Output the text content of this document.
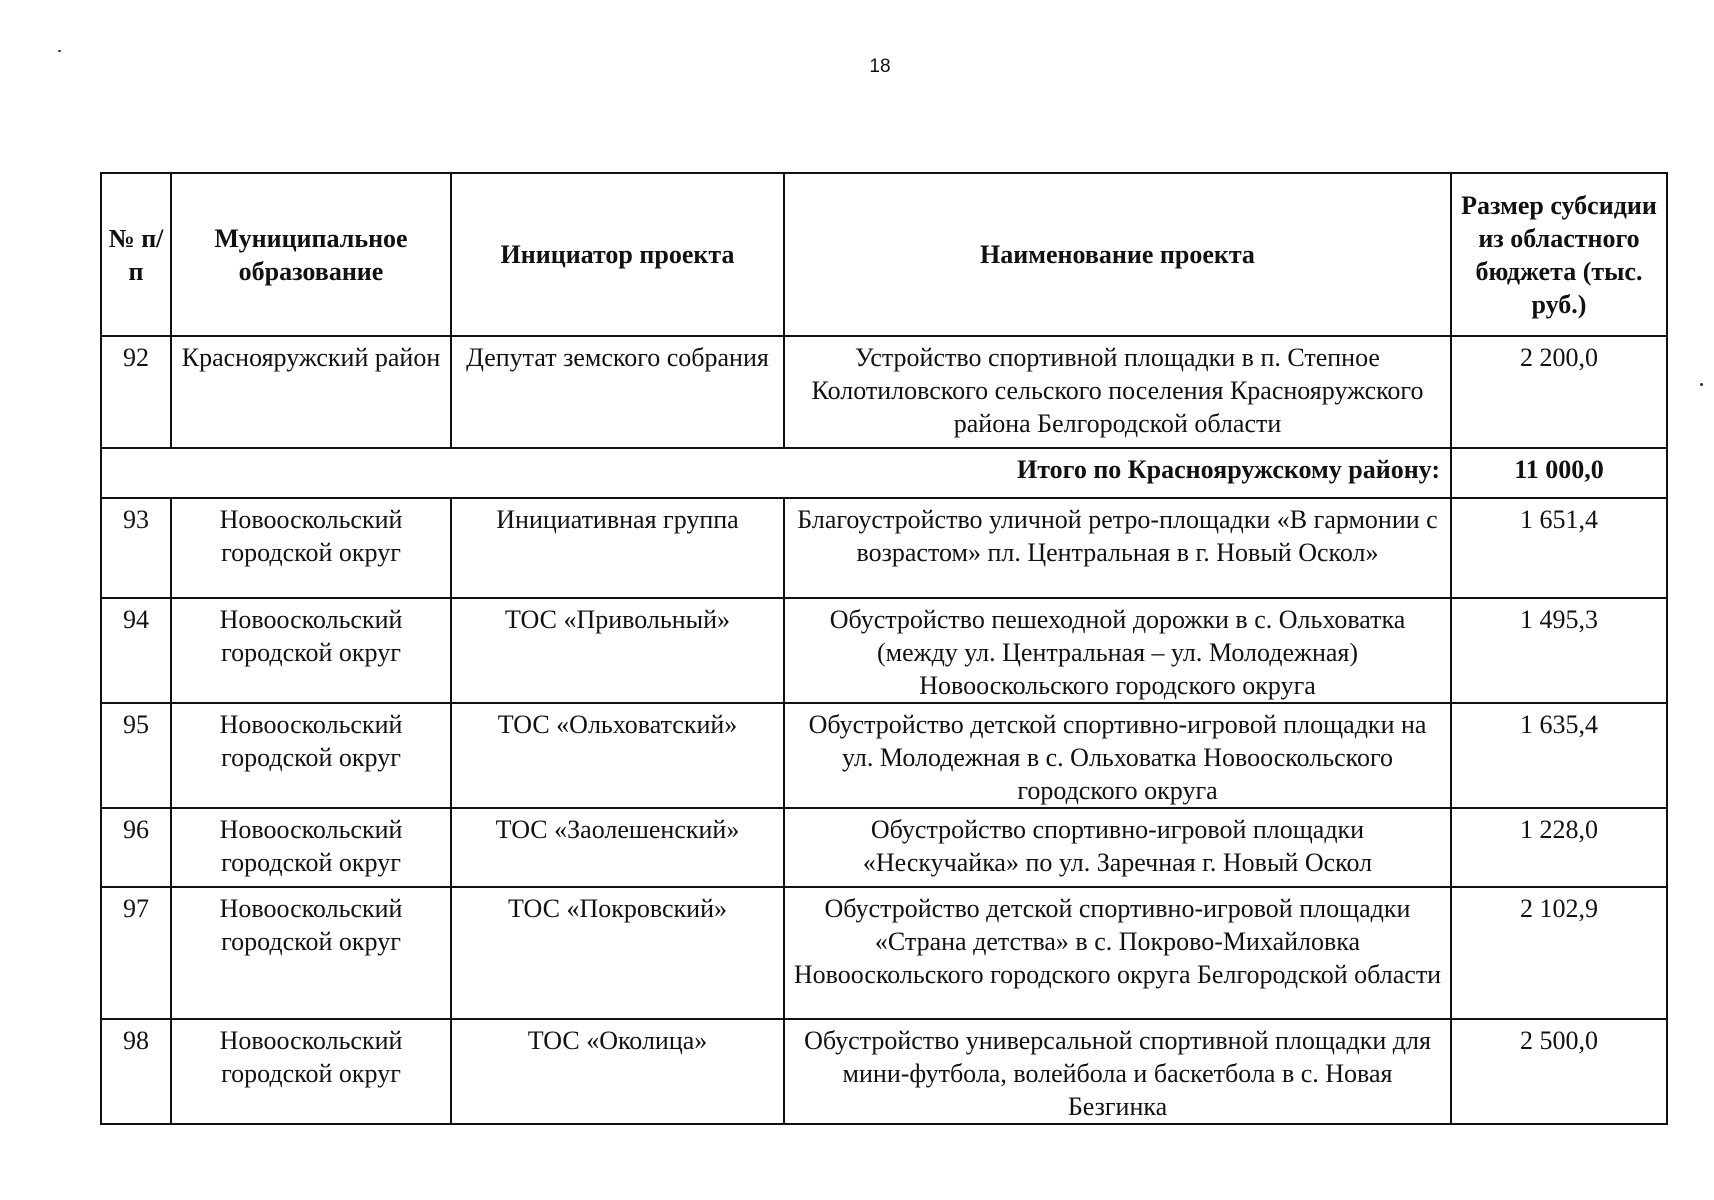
18
№ п/п	Муниципальное образование	Инициатор проекта	Наименование проекта	Размер субсидии из областного бюджета (тыс. руб.)
92	Краснояружский район	Депутат земского собрания	Устройство спортивной площадки в п. Степное Колотиловского сельского поселения Краснояружского района Белгородской области	2 200,0
Итого по Краснояружскому району:				11 000,0
93	Новооскольский городской округ	Инициативная группа	Благоустройство уличной ретро-площадки «В гармонии с возрастом» пл. Центральная в г. Новый Оскол»	1 651,4
94	Новооскольский городской округ	ТОС «Привольный»	Обустройство пешеходной дорожки в с. Ольховатка (между ул. Центральная – ул. Молодежная) Новооскольского городского округа	1 495,3
95	Новооскольский городской округ	ТОС «Ольховатский»	Обустройство детской спортивно-игровой площадки на ул. Молодежная в с. Ольховатка Новооскольского городского округа	1 635,4
96	Новооскольский городской округ	ТОС «Заолешенский»	Обустройство спортивно-игровой площадки «Нескучайка» по ул. Заречная г. Новый Оскол	1 228,0
97	Новооскольский городской округ	ТОС «Покровский»	Обустройство детской спортивно-игровой площадки «Страна детства» в с. Покрово-Михайловка Новооскольского городского округа Белгородской области	2 102,9
98	Новооскольский городской округ	ТОС «Околица»	Обустройство универсальной спортивной площадки для мини-футбола, волейбола и баскетбола в с. Новая Безгинка	2 500,0
